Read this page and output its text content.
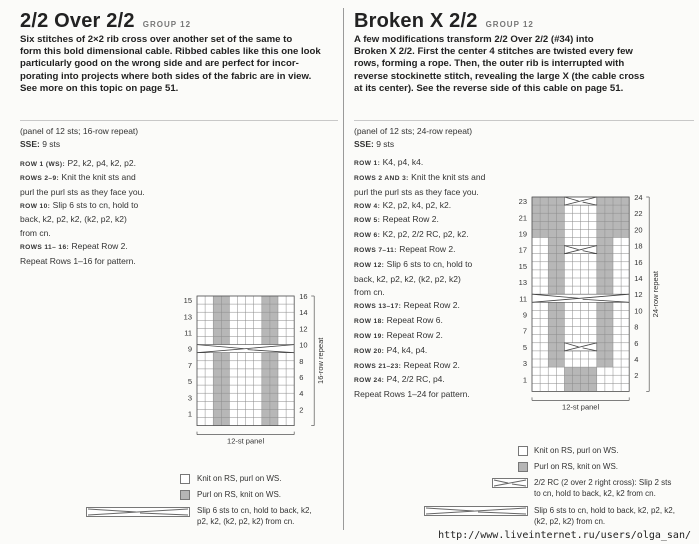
2/2 Over 2/2 GROUP 12
Six stitches of 2×2 rib cross over another set of the same to
form this bold dimensional cable. Ribbed cables like this one look
particularly good on the wrong side and are perfect for incor-
porating into projects where both sides of the fabric are in view.
See more on this topic on page 51.
(panel of 12 sts; 16-row repeat)
SSE: 9 sts
ROW 1 (WS): P2, k2, p4, k2, p2.
ROWS 2–9: Knit the knit sts and
purl the purl sts as they face you.
ROW 10: Slip 6 sts to cn, hold to
back, k2, p2, k2, (k2, p2, k2)
from cn.
ROWS 11– 16: Repeat Row 2.
Repeat Rows 1–16 for pattern.
15	16
13	14
11	12
9	10
7	8
5	6
3	4
1	2
16-row repeat
12-st panel
Knit on RS, purl on WS.
Purl on RS, knit on WS.
Slip 6 sts to cn, hold to back, k2,
p2, k2, (k2, p2, k2) from cn.
Broken X 2/2 GROUP 12
A few modifications transform 2/2 Over 2/2 (#34) into
Broken X 2/2. First the center 4 stitches are twisted every few
rows, forming a rope. Then, the outer rib is interrupted with
reverse stockinette stitch, revealing the large X (the cable cross
at its center). See the reverse side of this cable on page 51.
(panel of 12 sts; 24-row repeat)
SSE: 9 sts
ROW 1: K4, p4, k4.
ROWS 2 AND 3: Knit the knit sts and
purl the purl sts as they face you.
ROW 4: K2, p2, k4, p2, k2.
ROW 5: Repeat Row 2.
ROW 6: K2, p2, 2/2 RC, p2, k2.
ROWS 7–11: Repeat Row 2.
ROW 12: Slip 6 sts to cn, hold to
back, k2, p2, k2, (k2, p2, k2)
from cn.
ROWS 13–17: Repeat Row 2.
ROW 18: Repeat Row 6.
ROW 19: Repeat Row 2.
ROW 20: P4, k4, p4.
ROWS 21–23: Repeat Row 2.
ROW 24: P4, 2/2 RC, p4.
Repeat Rows 1–24 for pattern.
23	24
21	22
19	20
17	18
15	16
13	14
11	12
9	10
7	8
5	6
3	4
1	2
24-row repeat
12-st panel
Knit on RS, purl on WS.
Purl on RS, knit on WS.
2/2 RC (2 over 2 right cross): Slip 2 sts
to cn, hold to back, k2, k2 from cn.
Slip 6 sts to cn, hold to back, k2, p2, k2,
(k2, p2, k2) from cn.
http://www.liveinternet.ru/users/olga_san/
